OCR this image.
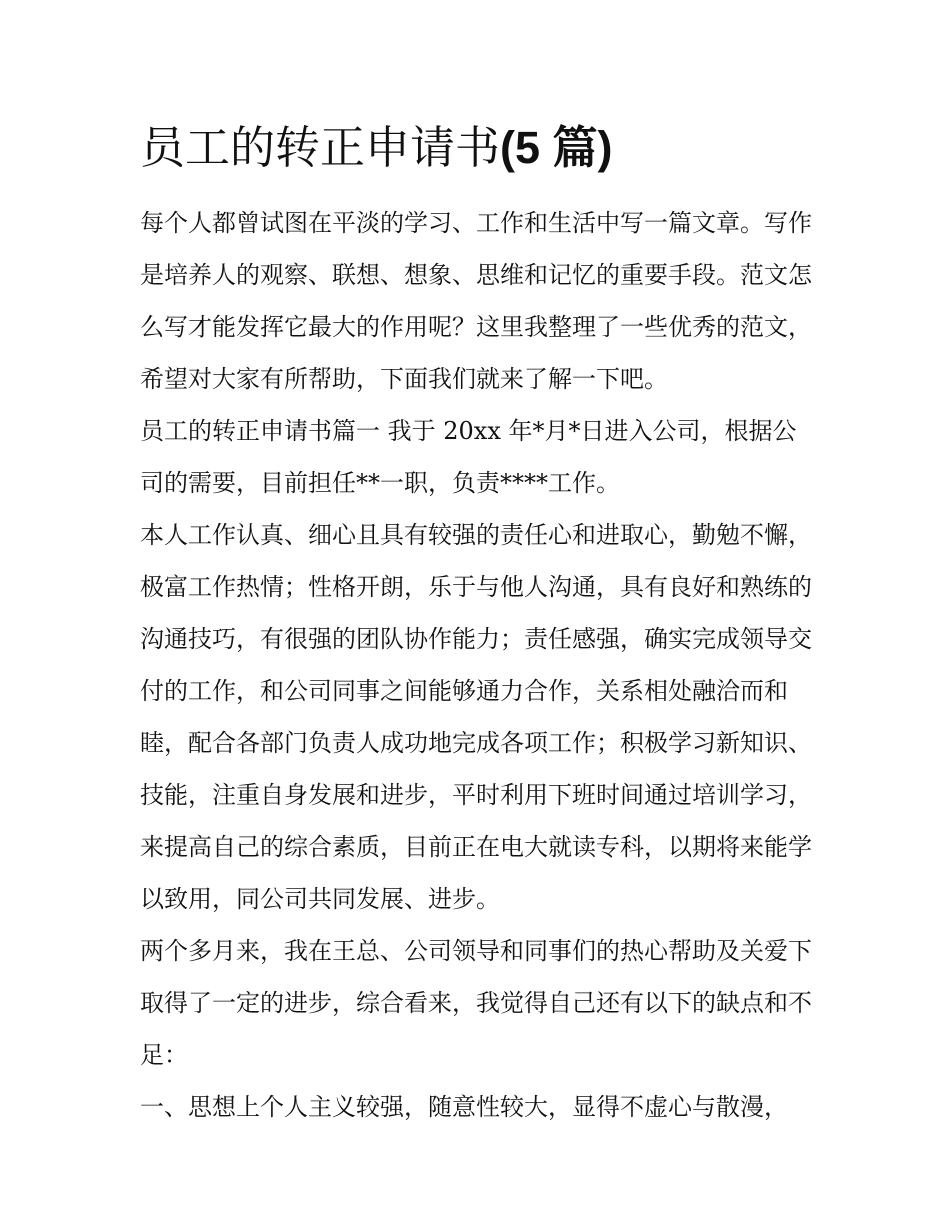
员工的转正申请书(5 篇)

每个人都曾试图在平淡的学习、工作和生活中写一篇文章。写作是培养人的观察、联想、想象、思维和记忆的重要手段。范文怎么写才能发挥它最大的作用呢？这里我整理了一些优秀的范文，希望对大家有所帮助，下面我们就来了解一下吧。

员工的转正申请书篇一 我于 20xx 年*月*日进入公司，根据公司的需要，目前担任**一职，负责****工作。

本人工作认真、细心且具有较强的责任心和进取心，勤勉不懈，极富工作热情；性格开朗，乐于与他人沟通，具有良好和熟练的沟通技巧，有很强的团队协作能力；责任感强，确实完成领导交付的工作，和公司同事之间能够通力合作，关系相处融洽而和睦，配合各部门负责人成功地完成各项工作；积极学习新知识、技能，注重自身发展和进步，平时利用下班时间通过培训学习，来提高自己的综合素质，目前正在电大就读专科，以期将来能学以致用，同公司共同发展、进步。

两个多月来，我在王总、公司领导和同事们的热心帮助及关爱下取得了一定的进步，综合看来，我觉得自己还有以下的缺点和不足：

一、思想上个人主义较强，随意性较大，显得不虚心与散漫，
